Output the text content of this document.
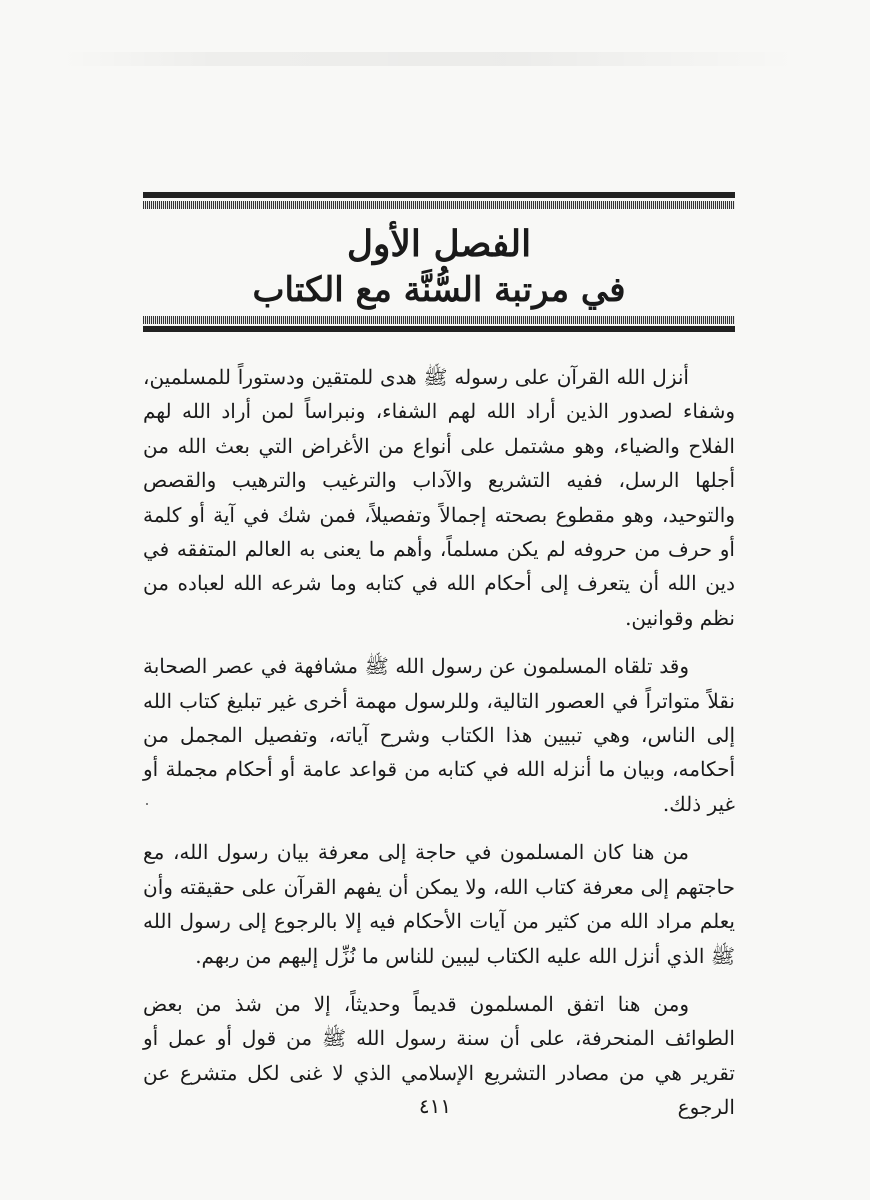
الفصل الأول
في مرتبة السُّنَّة مع الكتاب

أنزل الله القرآن على رسوله ﷺ هدى للمتقين ودستوراً للمسلمين، وشفاء لصدور الذين أراد الله لهم الشفاء، ونبراساً لمن أراد الله لهم الفلاح والضياء، وهو مشتمل على أنواع من الأغراض التي بعث الله من أجلها الرسل، ففيه التشريع والآداب والترغيب والترهيب والقصص والتوحيد، وهو مقطوع بصحته إجمالاً وتفصيلاً، فمن شك في آية أو كلمة أو حرف من حروفه لم يكن مسلماً، وأهم ما يعنى به العالم المتفقه في دين الله أن يتعرف إلى أحكام الله في كتابه وما شرعه الله لعباده من نظم وقوانين.

وقد تلقاه المسلمون عن رسول الله ﷺ مشافهة في عصر الصحابة نقلاً متواتراً في العصور التالية، وللرسول مهمة أخرى غير تبليغ كتاب الله إلى الناس، وهي تبيين هذا الكتاب وشرح آياته، وتفصيل المجمل من أحكامه، وبيان ما أنزله الله في كتابه من قواعد عامة أو أحكام مجملة أو غير ذلك.

من هنا كان المسلمون في حاجة إلى معرفة بيان رسول الله، مع حاجتهم إلى معرفة كتاب الله، ولا يمكن أن يفهم القرآن على حقيقته وأن يعلم مراد الله من كثير من آيات الأحكام فيه إلا بالرجوع إلى رسول الله ﷺ الذي أنزل الله عليه الكتاب ليبين للناس ما نُزِّل إليهم من ربهم.

ومن هنا اتفق المسلمون قديماً وحديثاً، إلا من شذ من بعض الطوائف المنحرفة، على أن سنة رسول الله ﷺ من قول أو عمل أو تقرير هي من مصادر التشريع الإسلامي الذي لا غنى لكل متشرع عن الرجوع

٤١١
